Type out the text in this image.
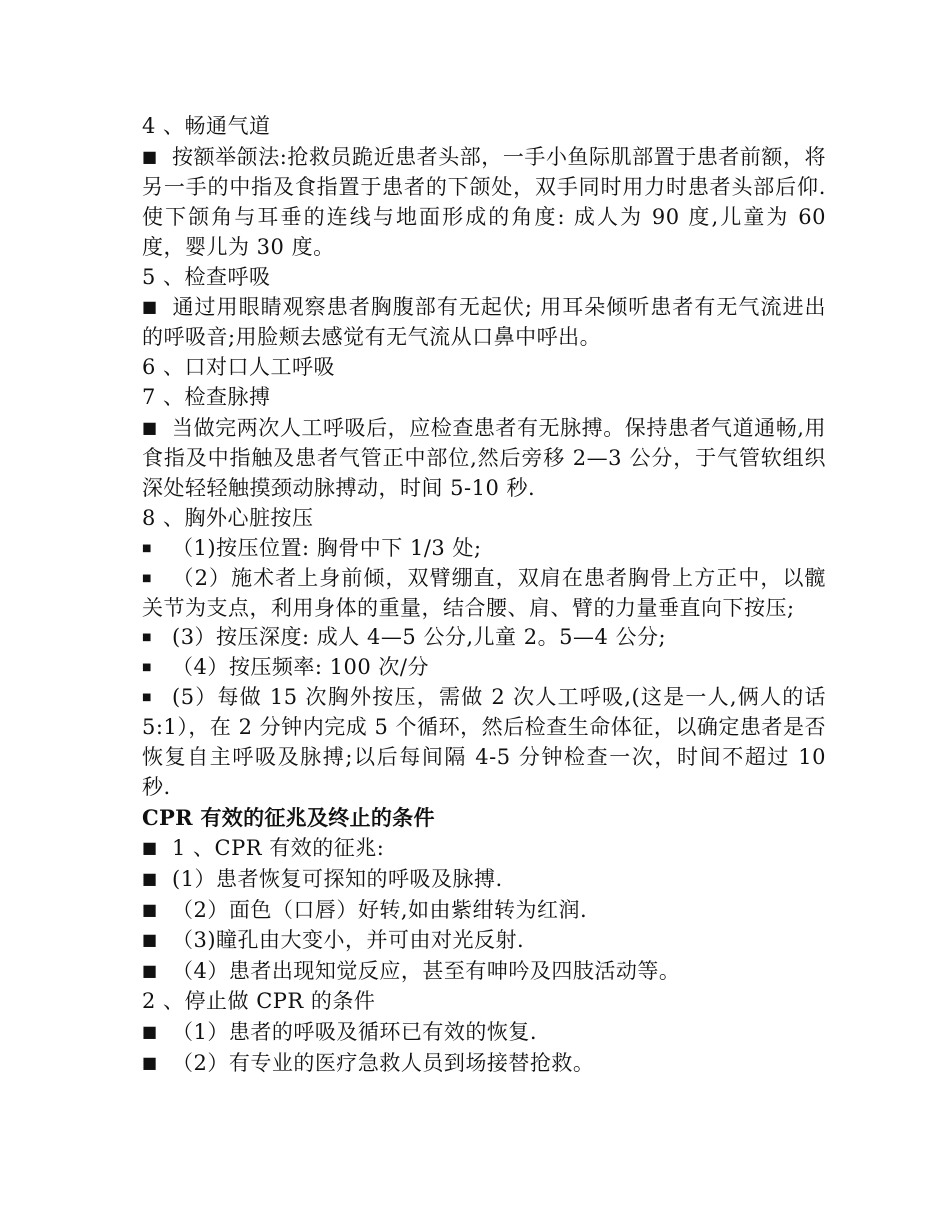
4 、畅通气道

■ 按额举颌法:抢救员跪近患者头部，一手小鱼际肌部置于患者前额，将另一手的中指及食指置于患者的下颌处，双手同时用力时患者头部后仰.使下颌角与耳垂的连线与地面形成的角度: 成人为 90 度,儿童为 60 度，婴儿为 30 度。

5 、检查呼吸

■ 通过用眼睛观察患者胸腹部有无起伏; 用耳朵倾听患者有无气流进出的呼吸音;用脸颊去感觉有无气流从口鼻中呼出。

6 、口对口人工呼吸

7 、检查脉搏

■ 当做完两次人工呼吸后，应检查患者有无脉搏。保持患者气道通畅,用食指及中指触及患者气管正中部位,然后旁移 2—3 公分，于气管软组织深处轻轻触摸颈动脉搏动，时间 5-10 秒.

8 、胸外心脏按压

■ （1)按压位置: 胸骨中下 1/3 处;

■ （2）施术者上身前倾，双臂绷直，双肩在患者胸骨上方正中，以髋关节为支点，利用身体的重量，结合腰、肩、臂的力量垂直向下按压;

■ (3）按压深度: 成人 4—5 公分,儿童 2。5—4 公分;

■ （4）按压频率: 100 次/分

■ (5）每做 15 次胸外按压，需做 2 次人工呼吸,(这是一人,俩人的话 5:1），在 2 分钟内完成 5 个循环，然后检查生命体征，以确定患者是否恢复自主呼吸及脉搏;以后每间隔 4-5 分钟检查一次，时间不超过 10 秒.

CPR 有效的征兆及终止的条件

■ 1 、CPR 有效的征兆:

■ (1）患者恢复可探知的呼吸及脉搏.

■ （2）面色（口唇）好转,如由紫绀转为红润.

■ （3)瞳孔由大变小，并可由对光反射.

■ （4）患者出现知觉反应，甚至有呻吟及四肢活动等。

2 、停止做 CPR 的条件

■ （1）患者的呼吸及循环已有效的恢复.

■ （2）有专业的医疗急救人员到场接替抢救。
